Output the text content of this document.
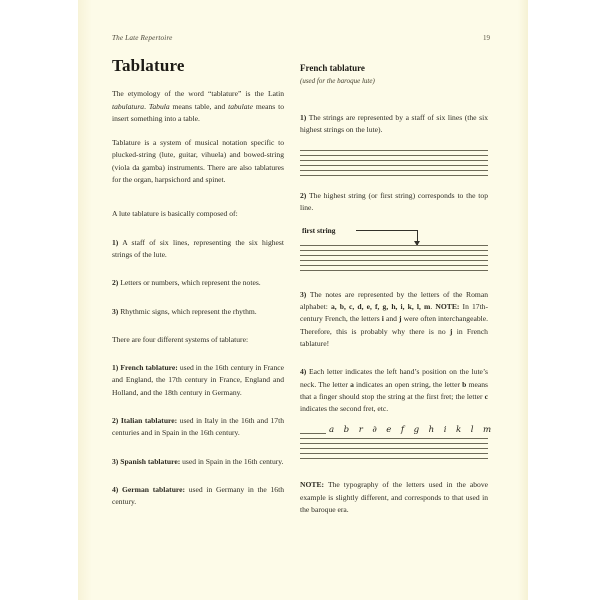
The Late Repertoire	19
Tablature

The etymology of the word “tablature” is the Latin tabulatura. Tabula means table, and tabulate means to insert something into a table.

Tablature is a system of musical notation specific to plucked-string (lute, guitar, vihuela) and bowed-string (viola da gamba) instruments. There are also tablatures for the organ, harpsichord and spinet.

A lute tablature is basically composed of:

1) A staff of six lines, representing the six highest strings of the lute.

2) Letters or numbers, which represent the notes.

3) Rhythmic signs, which represent the rhythm.

There are four different systems of tablature:

1) French tablature: used in the 16th century in France and England, the 17th century in France, England and Holland, and the 18th century in Germany.

2) Italian tablature: used in Italy in the 16th and 17th centuries and in Spain in the 16th century.

3) Spanish tablature: used in Spain in the 16th century.

4) German tablature: used in Germany in the 16th century.

French tablature
(used for the baroque lute)

1) The strings are represented by a staff of six lines (the six highest strings on the lute).

2) The highest string (or first string) corresponds to the top line.

first string

3) The notes are represented by the letters of the Roman alphabet: a, b, c, d, e, f, g, h, i, k, l, m. NOTE: In 17th-century French, the letters i and j were often interchangeable. Therefore, this is probably why there is no j in French tablature!

4) Each letter indicates the left hand’s position on the lute’s neck. The letter a indicates an open string, the letter b means that a finger should stop the string at the first fret; the letter c indicates the second fret, etc.

a b r ∂ e f g h i k l m

NOTE: The typography of the letters used in the above example is slightly different, and corresponds to that used in the baroque era.
